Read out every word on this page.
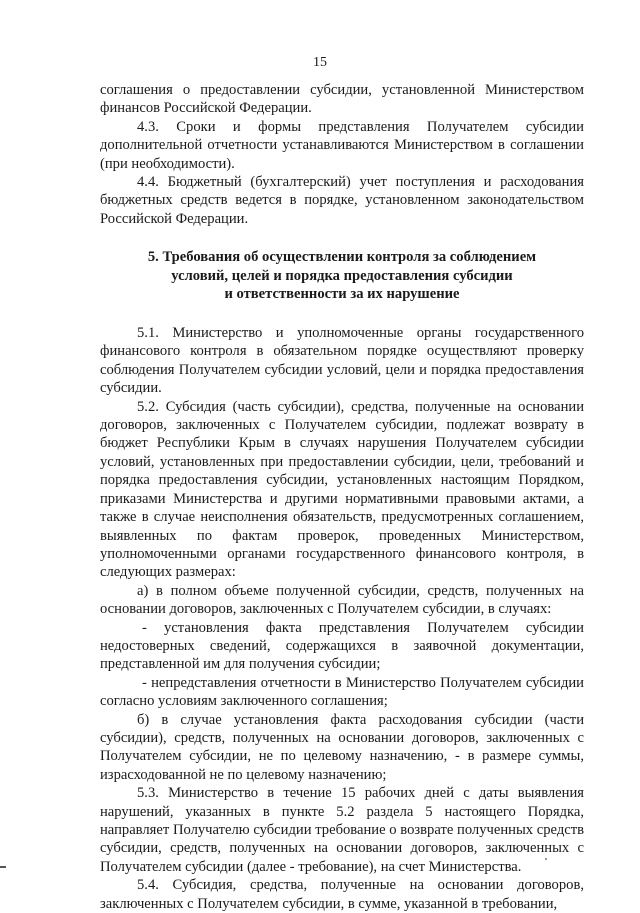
15

соглашения о предоставлении субсидии, установленной Министерством финансов Российской Федерации.

4.3. Сроки и формы представления Получателем субсидии дополнительной отчетности устанавливаются Министерством в соглашении (при необходимости).

4.4. Бюджетный (бухгалтерский) учет поступления и расходования бюджетных средств ведется в порядке, установленном законодательством Российской Федерации.

5. Требования об осуществлении контроля за соблюдением
условий, целей и порядка предоставления субсидии
и ответственности за их нарушение

5.1. Министерство и уполномоченные органы государственного финансового контроля в обязательном порядке осуществляют проверку соблюдения Получателем субсидии условий, цели и порядка предоставления субсидии.

5.2. Субсидия (часть субсидии), средства, полученные на основании договоров, заключенных с Получателем субсидии, подлежат возврату в бюджет Республики Крым в случаях нарушения Получателем субсидии условий, установленных при предоставлении субсидии, цели, требований и порядка предоставления субсидии, установленных настоящим Порядком, приказами Министерства и другими нормативными правовыми актами, а также в случае неисполнения обязательств, предусмотренных соглашением, выявленных по фактам проверок, проведенных Министерством, уполномоченными органами государственного финансового контроля, в следующих размерах:

а) в полном объеме полученной субсидии, средств, полученных на основании договоров, заключенных с Получателем субсидии, в случаях:

- установления факта представления Получателем субсидии недостоверных сведений, содержащихся в заявочной документации, представленной им для получения субсидии;

- непредставления отчетности в Министерство Получателем субсидии согласно условиям заключенного соглашения;

б) в случае установления факта расходования субсидии (части субсидии), средств, полученных на основании договоров, заключенных с Получателем субсидии, не по целевому назначению, - в размере суммы, израсходованной не по целевому назначению;

5.3. Министерство в течение 15 рабочих дней с даты выявления нарушений, указанных в пункте 5.2 раздела 5 настоящего Порядка, направляет Получателю субсидии требование о возврате полученных средств субсидии, средств, полученных на основании договоров, заключенных с Получателем субсидии (далее - требование), на счет Министерства.

5.4. Субсидия, средства, полученные на основании договоров, заключенных с Получателем субсидии, в сумме, указанной в требовании,
